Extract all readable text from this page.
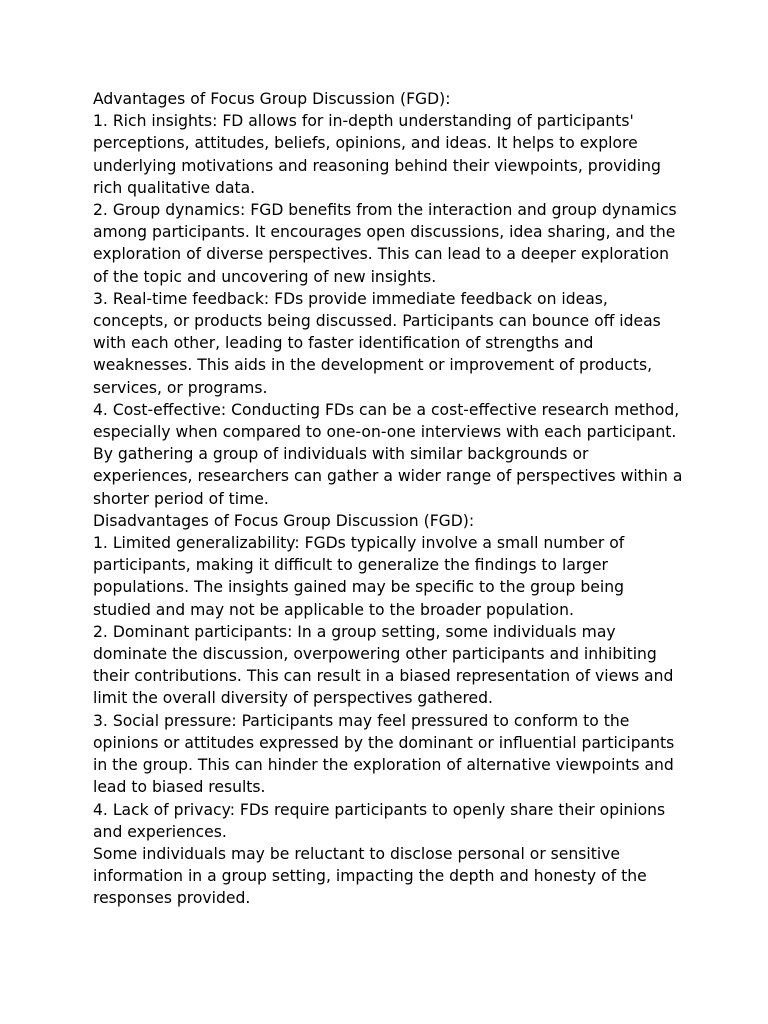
Advantages of Focus Group Discussion (FGD):

1. Rich insights: FD allows for in-depth understanding of participants' perceptions, attitudes, beliefs, opinions, and ideas. It helps to explore underlying motivations and reasoning behind their viewpoints, providing rich qualitative data.

2. Group dynamics: FGD benefits from the interaction and group dynamics among participants. It encourages open discussions, idea sharing, and the exploration of diverse perspectives. This can lead to a deeper exploration of the topic and uncovering of new insights.

3. Real-time feedback: FDs provide immediate feedback on ideas, concepts, or products being discussed. Participants can bounce off ideas with each other, leading to faster identification of strengths and weaknesses. This aids in the development or improvement of products, services, or programs.

4. Cost-effective: Conducting FDs can be a cost-effective research method, especially when compared to one-on-one interviews with each participant. By gathering a group of individuals with similar backgrounds or experiences, researchers can gather a wider range of perspectives within a shorter period of time.

Disadvantages of Focus Group Discussion (FGD):

1. Limited generalizability: FGDs typically involve a small number of participants, making it difficult to generalize the findings to larger populations. The insights gained may be specific to the group being studied and may not be applicable to the broader population.

2. Dominant participants: In a group setting, some individuals may dominate the discussion, overpowering other participants and inhibiting their contributions. This can result in a biased representation of views and limit the overall diversity of perspectives gathered.

3. Social pressure: Participants may feel pressured to conform to the opinions or attitudes expressed by the dominant or influential participants in the group. This can hinder the exploration of alternative viewpoints and lead to biased results.

4. Lack of privacy: FDs require participants to openly share their opinions and experiences.

Some individuals may be reluctant to disclose personal or sensitive information in a group setting, impacting the depth and honesty of the responses provided.
